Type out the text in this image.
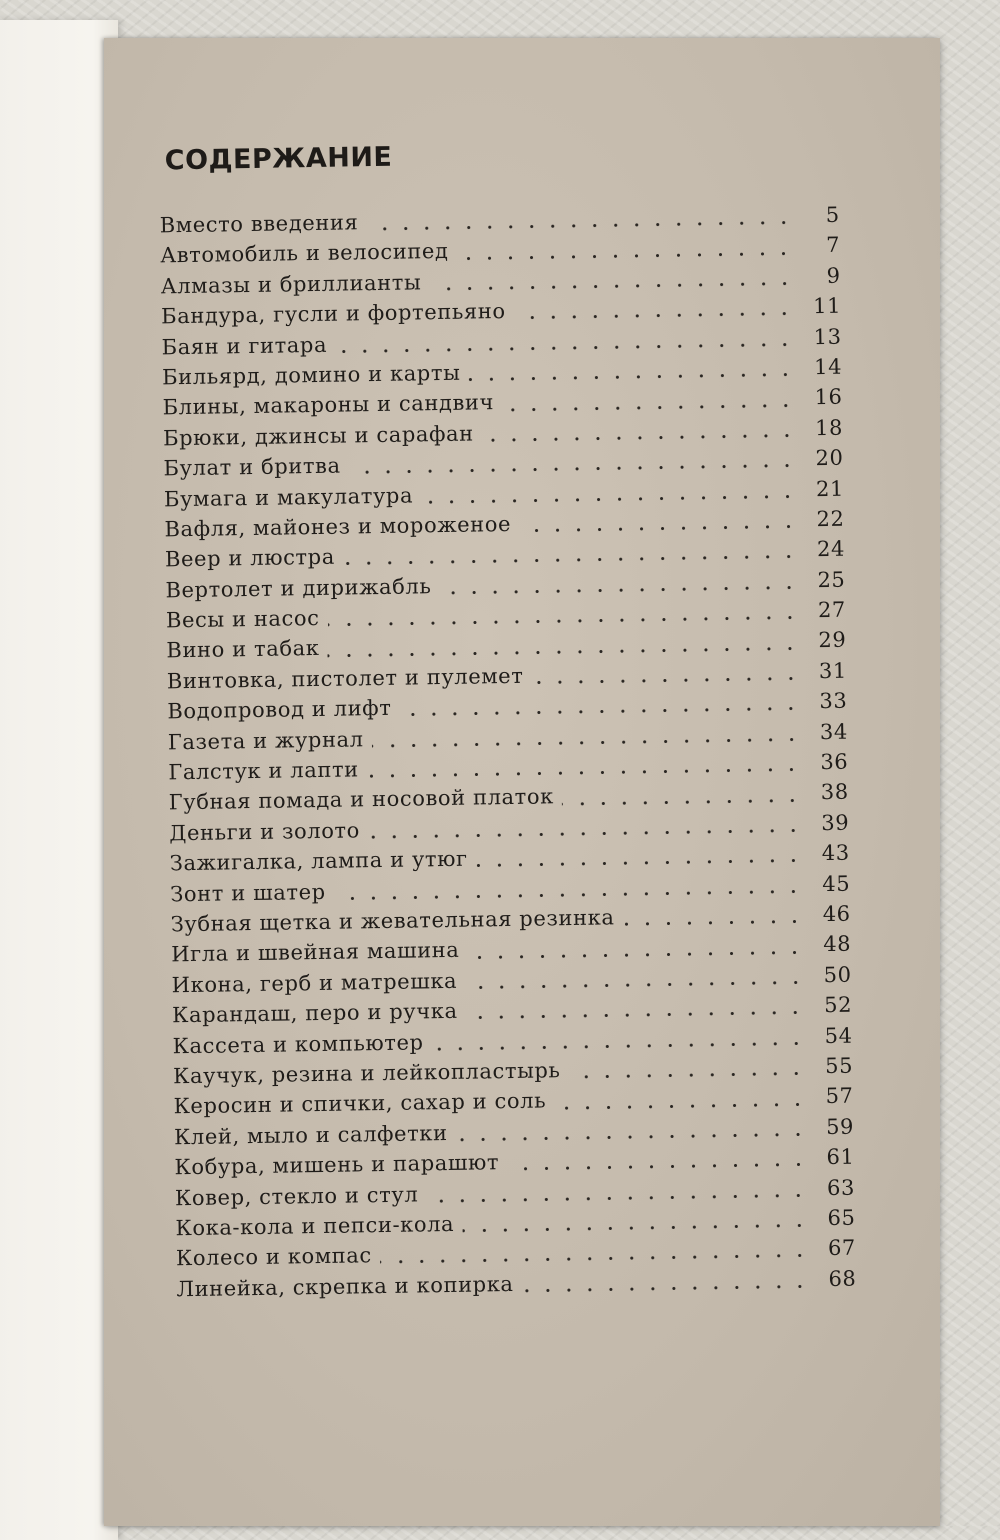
СОДЕРЖАНИЕ
Вместо введения	5
Автомобиль и велосипед	7
Алмазы и бриллианты	9
Бандура, гусли и фортепьяно	11
Баян и гитара	13
Бильярд, домино и карты	14
Блины, макароны и сандвич	16
Брюки, джинсы и сарафан	18
Булат и бритва	20
Бумага и макулатура	21
Вафля, майонез и мороженое	22
Веер и люстра	24
Вертолет и дирижабль	25
Весы и насос	27
Вино и табак	29
Винтовка, пистолет и пулемет	31
Водопровод и лифт	33
Газета и журнал	34
Галстук и лапти	36
Губная помада и носовой платок	38
Деньги и золото	39
Зажигалка, лампа и утюг	43
Зонт и шатер	45
Зубная щетка и жевательная резинка	46
Игла и швейная машина	48
Икона, герб и матрешка	50
Карандаш, перо и ручка	52
Кассета и компьютер	54
Каучук, резина и лейкопластырь	55
Керосин и спички, сахар и соль	57
Клей, мыло и салфетки	59
Кобура, мишень и парашют	61
Ковер, стекло и стул	63
Кока-кола и пепси-кола	65
Колесо и компас	67
Линейка, скрепка и копирка	68
